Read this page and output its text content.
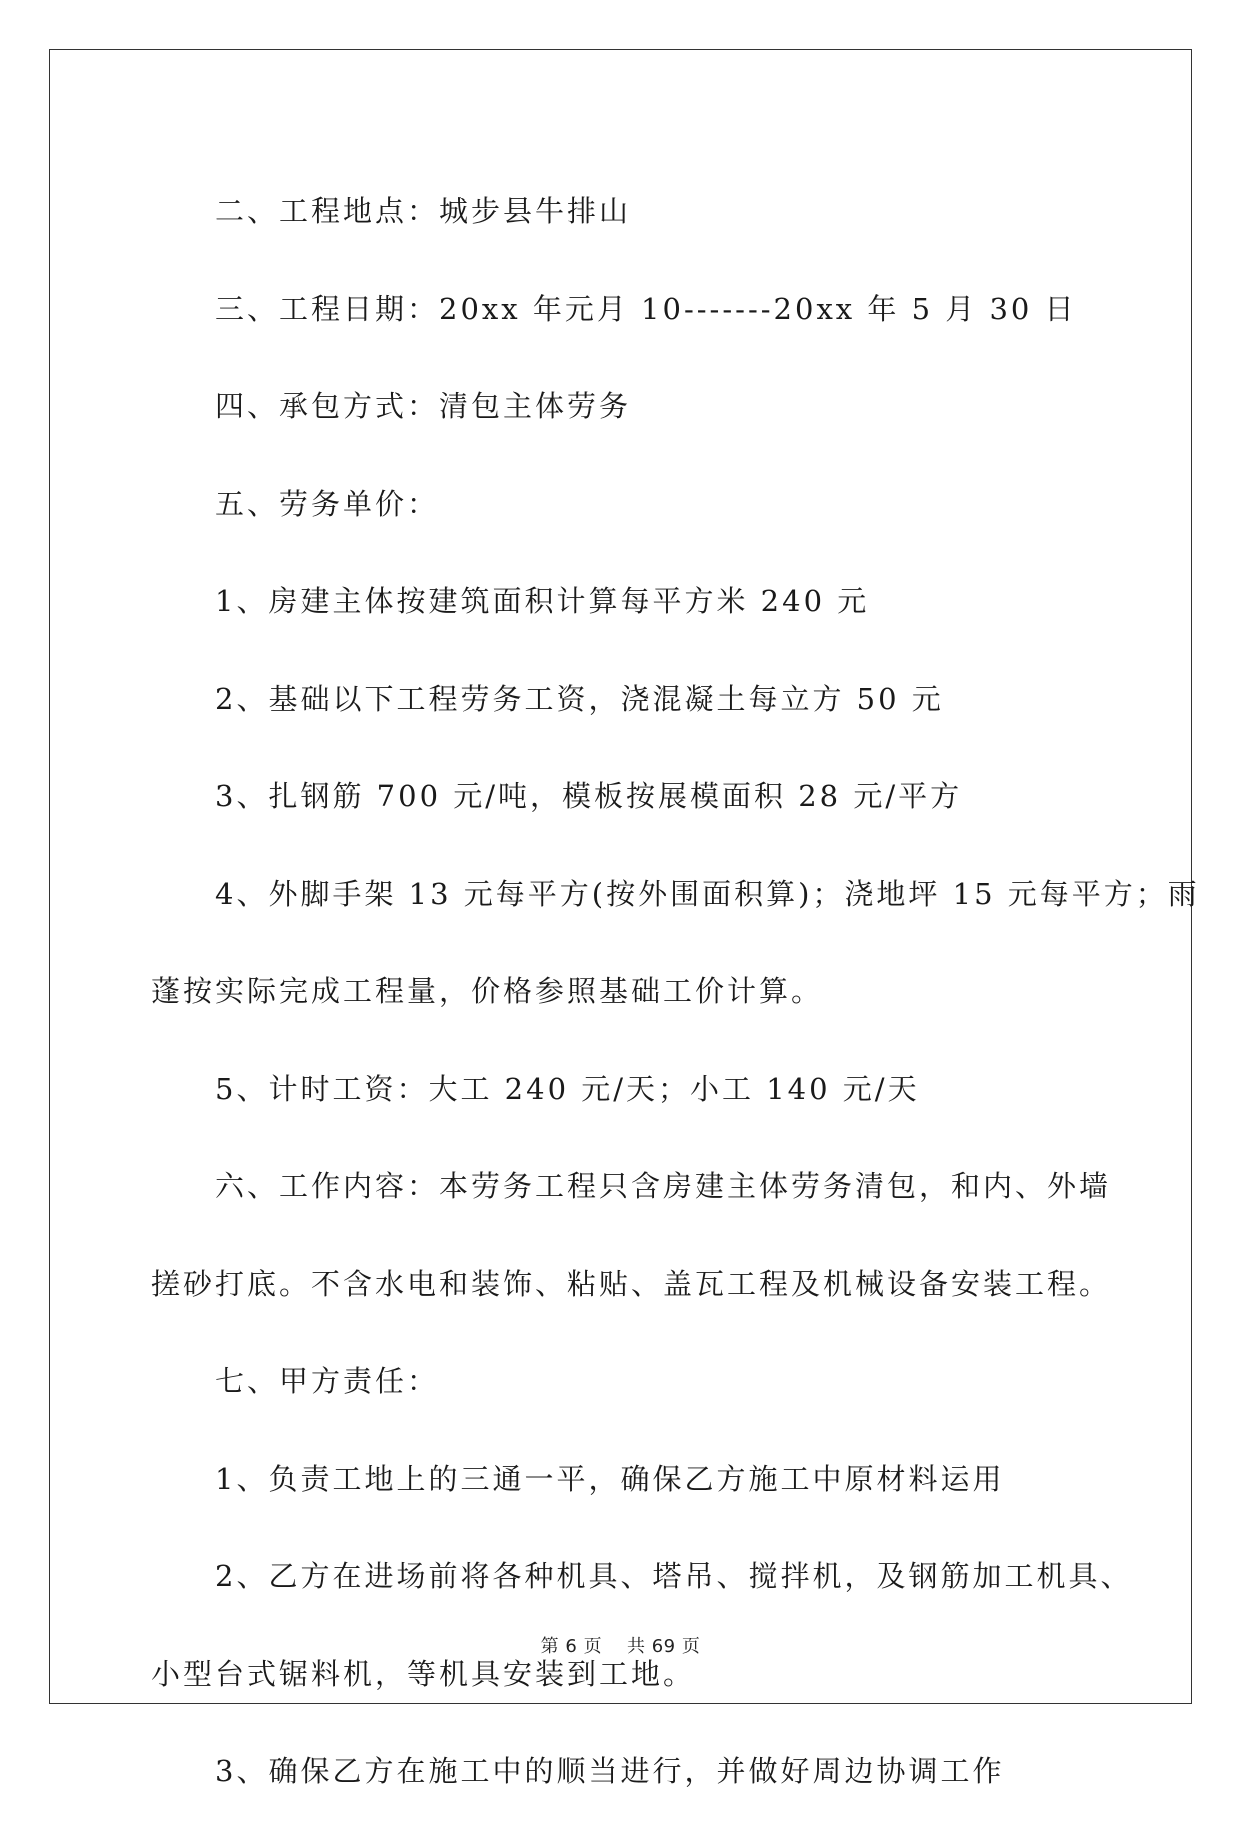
二、工程地点：城步县牛排山

三、工程日期：20xx 年元月 10-------20xx 年 5 月 30 日

四、承包方式：清包主体劳务

五、劳务单价：

1、房建主体按建筑面积计算每平方米 240 元

2、基础以下工程劳务工资，浇混凝土每立方 50 元

3、扎钢筋 700 元/吨，模板按展模面积 28 元/平方

4、外脚手架 13 元每平方(按外围面积算)；浇地坪 15 元每平方；雨

蓬按实际完成工程量，价格参照基础工价计算。

5、计时工资：大工 240 元/天；小工 140 元/天

六、工作内容：本劳务工程只含房建主体劳务清包，和内、外墙

搓砂打底。不含水电和装饰、粘贴、盖瓦工程及机械设备安装工程。

七、甲方责任：

1、负责工地上的三通一平，确保乙方施工中原材料运用

2、乙方在进场前将各种机具、塔吊、搅拌机，及钢筋加工机具、

小型台式锯料机，等机具安装到工地。

3、确保乙方在施工中的顺当进行，并做好周边协调工作

第 6 页 共 69 页
